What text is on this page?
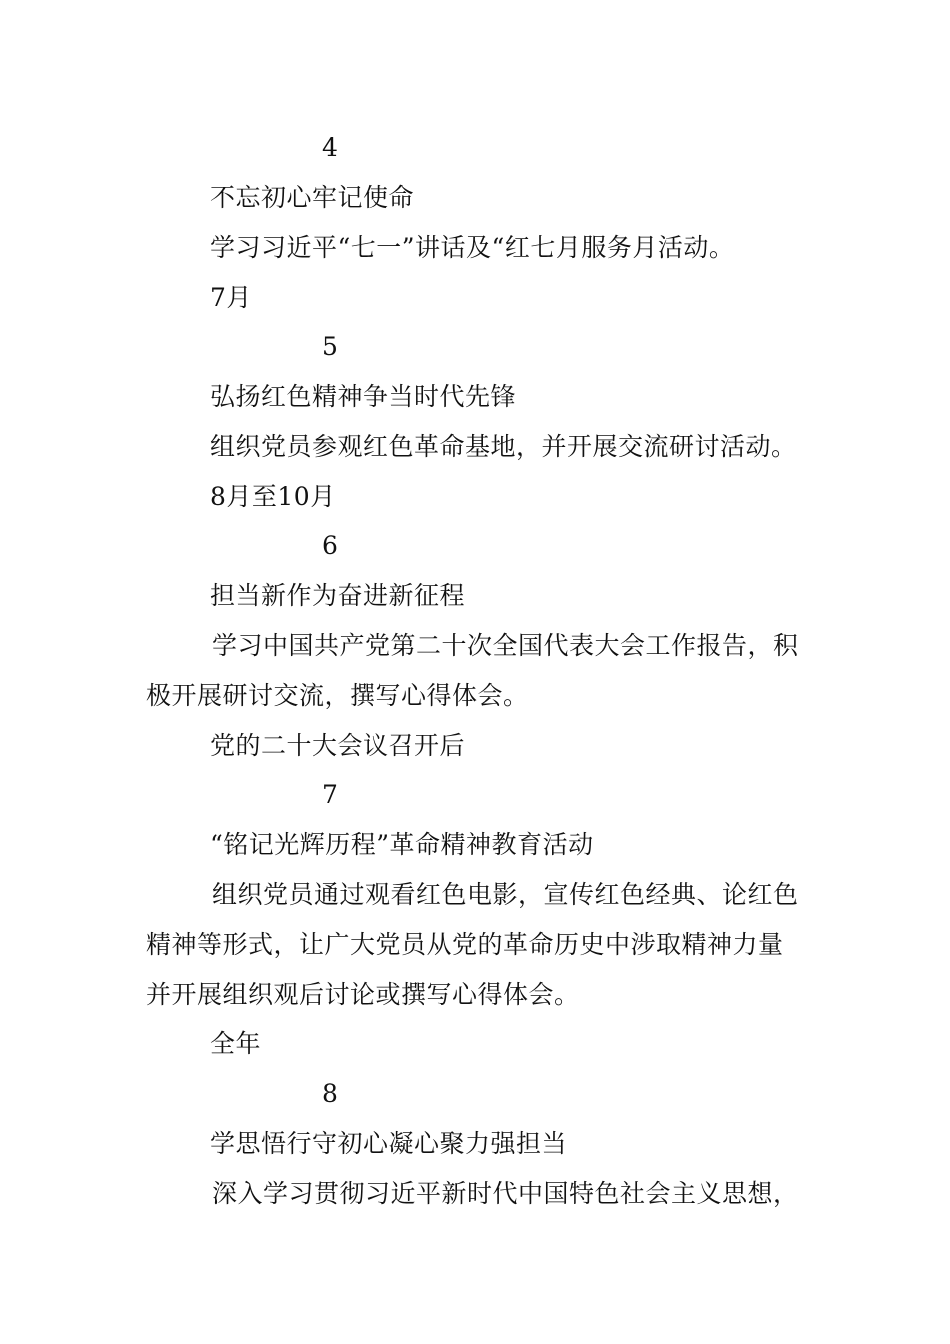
4
不忘初心牢记使命
学习习近平“七一”讲话及“红七月服务月活动。
7月
5
弘扬红色精神争当时代先锋
组织党员参观红色革命基地，并开展交流研讨活动。
8月至10月
6
担当新作为奋进新征程
学习中国共产党第二十次全国代表大会工作报告，积
极开展研讨交流，撰写心得体会。
党的二十大会议召开后
7
“铭记光辉历程”革命精神教育活动
组织党员通过观看红色电影，宣传红色经典、论红色
精神等形式，让广大党员从党的革命历史中涉取精神力量
并开展组织观后讨论或撰写心得体会。
全年
8
学思悟行守初心凝心聚力强担当
深入学习贯彻习近平新时代中国特色社会主义思想，
